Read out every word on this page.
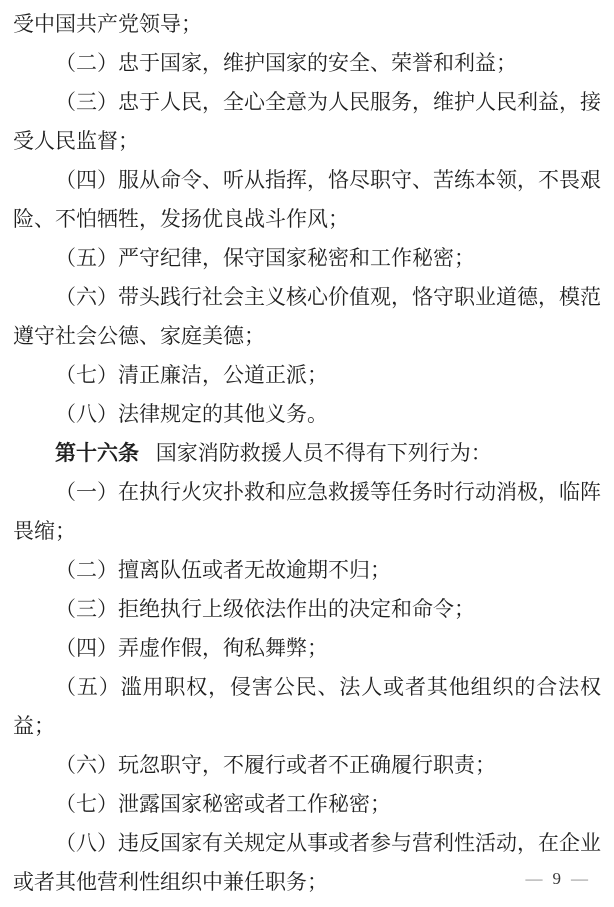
受中国共产党领导；

（二）忠于国家，维护国家的安全、荣誉和利益；

（三）忠于人民，全心全意为人民服务，维护人民利益，接受人民监督；

（四）服从命令、听从指挥，恪尽职守、苦练本领，不畏艰险、不怕牺牲，发扬优良战斗作风；

（五）严守纪律，保守国家秘密和工作秘密；

（六）带头践行社会主义核心价值观，恪守职业道德，模范遵守社会公德、家庭美德；

（七）清正廉洁，公道正派；

（八）法律规定的其他义务。

第十六条 国家消防救援人员不得有下列行为：

（一）在执行火灾扑救和应急救援等任务时行动消极，临阵畏缩；

（二）擅离队伍或者无故逾期不归；

（三）拒绝执行上级依法作出的决定和命令；

（四）弄虚作假，徇私舞弊；

（五）滥用职权，侵害公民、法人或者其他组织的合法权益；

（六）玩忽职守，不履行或者不正确履行职责；

（七）泄露国家秘密或者工作秘密；

（八）违反国家有关规定从事或者参与营利性活动，在企业或者其他营利性组织中兼任职务；	— 9 —
